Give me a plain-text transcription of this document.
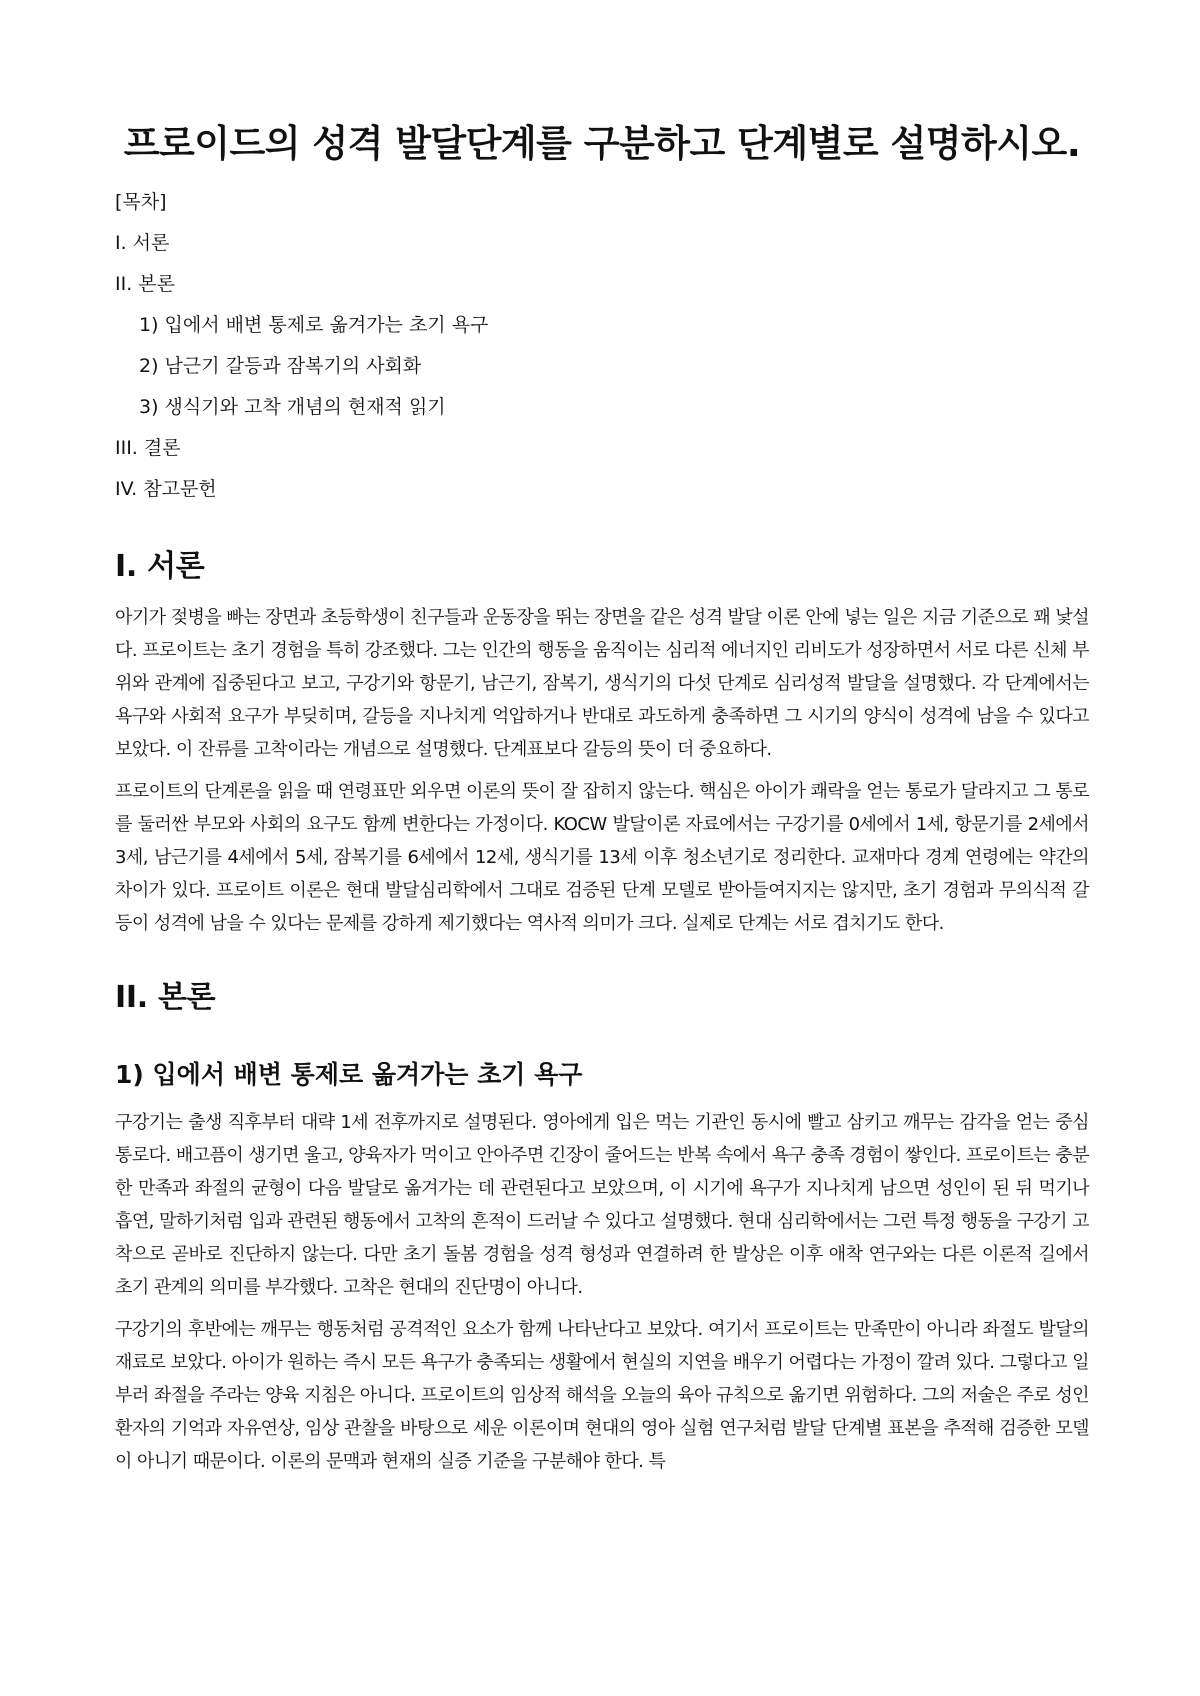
프로이드의 성격 발달단계를 구분하고 단계별로 설명하시오.

[목차]

I. 서론
II. 본론
1) 입에서 배변 통제로 옮겨가는 초기 욕구
2) 남근기 갈등과 잠복기의 사회화
3) 생식기와 고착 개념의 현재적 읽기
III. 결론
IV. 참고문헌
I. 서론

아기가 젖병을 빠는 장면과 초등학생이 친구들과 운동장을 뛰는 장면을 같은 성격 발달 이론 안에 넣는 일은 지금 기준으로 꽤 낯설다. 프로이트는 초기 경험을 특히 강조했다. 그는 인간의 행동을 움직이는 심리적 에너지인 리비도가 성장하면서 서로 다른 신체 부위와 관계에 집중된다고 보고, 구강기와 항문기, 남근기, 잠복기, 생식기의 다섯 단계로 심리성적 발달을 설명했다. 각 단계에서는 욕구와 사회적 요구가 부딪히며, 갈등을 지나치게 억압하거나 반대로 과도하게 충족하면 그 시기의 양식이 성격에 남을 수 있다고 보았다. 이 잔류를 고착이라는 개념으로 설명했다. 단계표보다 갈등의 뜻이 더 중요하다.

프로이트의 단계론을 읽을 때 연령표만 외우면 이론의 뜻이 잘 잡히지 않는다. 핵심은 아이가 쾌락을 얻는 통로가 달라지고 그 통로를 둘러싼 부모와 사회의 요구도 함께 변한다는 가정이다. KOCW 발달이론 자료에서는 구강기를 0세에서 1세, 항문기를 2세에서 3세, 남근기를 4세에서 5세, 잠복기를 6세에서 12세, 생식기를 13세 이후 청소년기로 정리한다. 교재마다 경계 연령에는 약간의 차이가 있다. 프로이트 이론은 현대 발달심리학에서 그대로 검증된 단계 모델로 받아들여지지는 않지만, 초기 경험과 무의식적 갈등이 성격에 남을 수 있다는 문제를 강하게 제기했다는 역사적 의미가 크다. 실제로 단계는 서로 겹치기도 한다.

II. 본론
1) 입에서 배변 통제로 옮겨가는 초기 욕구

구강기는 출생 직후부터 대략 1세 전후까지로 설명된다. 영아에게 입은 먹는 기관인 동시에 빨고 삼키고 깨무는 감각을 얻는 중심 통로다. 배고픔이 생기면 울고, 양육자가 먹이고 안아주면 긴장이 줄어드는 반복 속에서 욕구 충족 경험이 쌓인다. 프로이트는 충분한 만족과 좌절의 균형이 다음 발달로 옮겨가는 데 관련된다고 보았으며, 이 시기에 욕구가 지나치게 남으면 성인이 된 뒤 먹기나 흡연, 말하기처럼 입과 관련된 행동에서 고착의 흔적이 드러날 수 있다고 설명했다. 현대 심리학에서는 그런 특정 행동을 구강기 고착으로 곧바로 진단하지 않는다. 다만 초기 돌봄 경험을 성격 형성과 연결하려 한 발상은 이후 애착 연구와는 다른 이론적 길에서 초기 관계의 의미를 부각했다. 고착은 현대의 진단명이 아니다.

구강기의 후반에는 깨무는 행동처럼 공격적인 요소가 함께 나타난다고 보았다. 여기서 프로이트는 만족만이 아니라 좌절도 발달의 재료로 보았다. 아이가 원하는 즉시 모든 욕구가 충족되는 생활에서 현실의 지연을 배우기 어렵다는 가정이 깔려 있다. 그렇다고 일부러 좌절을 주라는 양육 지침은 아니다. 프로이트의 임상적 해석을 오늘의 육아 규칙으로 옮기면 위험하다. 그의 저술은 주로 성인 환자의 기억과 자유연상, 임상 관찰을 바탕으로 세운 이론이며 현대의 영아 실험 연구처럼 발달 단계별 표본을 추적해 검증한 모델이 아니기 때문이다. 이론의 문맥과 현재의 실증 기준을 구분해야 한다. 특
